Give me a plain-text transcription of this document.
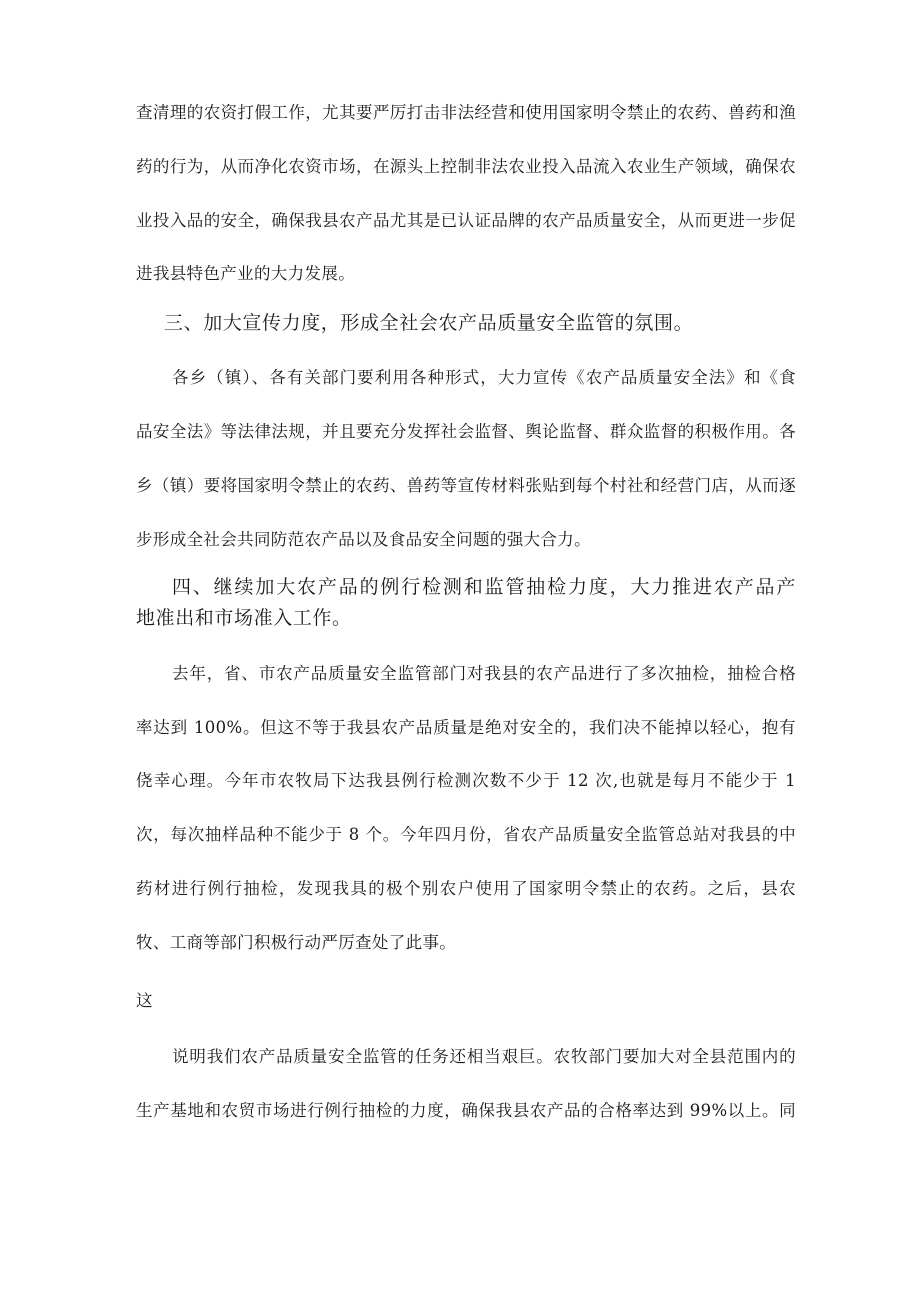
查清理的农资打假工作，尤其要严厉打击非法经营和使用国家明令禁止的农药、兽药和渔
药的行为，从而净化农资市场，在源头上控制非法农业投入品流入农业生产领域，确保农
业投入品的安全，确保我县农产品尤其是已认证品牌的农产品质量安全，从而更进一步促
进我县特色产业的大力发展。
三、加大宣传力度，形成全社会农产品质量安全监管的氛围。
各乡（镇）、各有关部门要利用各种形式，大力宣传《农产品质量安全法》和《食
品安全法》等法律法规，并且要充分发挥社会监督、舆论监督、群众监督的积极作用。各
乡（镇）要将国家明令禁止的农药、兽药等宣传材料张贴到每个村社和经营门店，从而逐
步形成全社会共同防范农产品以及食品安全问题的强大合力。
四、继续加大农产品的例行检测和监管抽检力度，大力推进农产品产
地准出和市场准入工作。
去年，省、市农产品质量安全监管部门对我县的农产品进行了多次抽检，抽检合格
率达到 100%。但这不等于我县农产品质量是绝对安全的，我们决不能掉以轻心，抱有
侥幸心理。今年市农牧局下达我县例行检测次数不少于 12 次,也就是每月不能少于 1
次，每次抽样品种不能少于 8 个。今年四月份，省农产品质量安全监管总站对我县的中
药材进行例行抽检，发现我具的极个别农户使用了国家明令禁止的农药。之后，县农
牧、工商等部门积极行动严厉查处了此事。
这
说明我们农产品质量安全监管的任务还相当艰巨。农牧部门要加大对全县范围内的
生产基地和农贸市场进行例行抽检的力度，确保我县农产品的合格率达到 99%以上。同
